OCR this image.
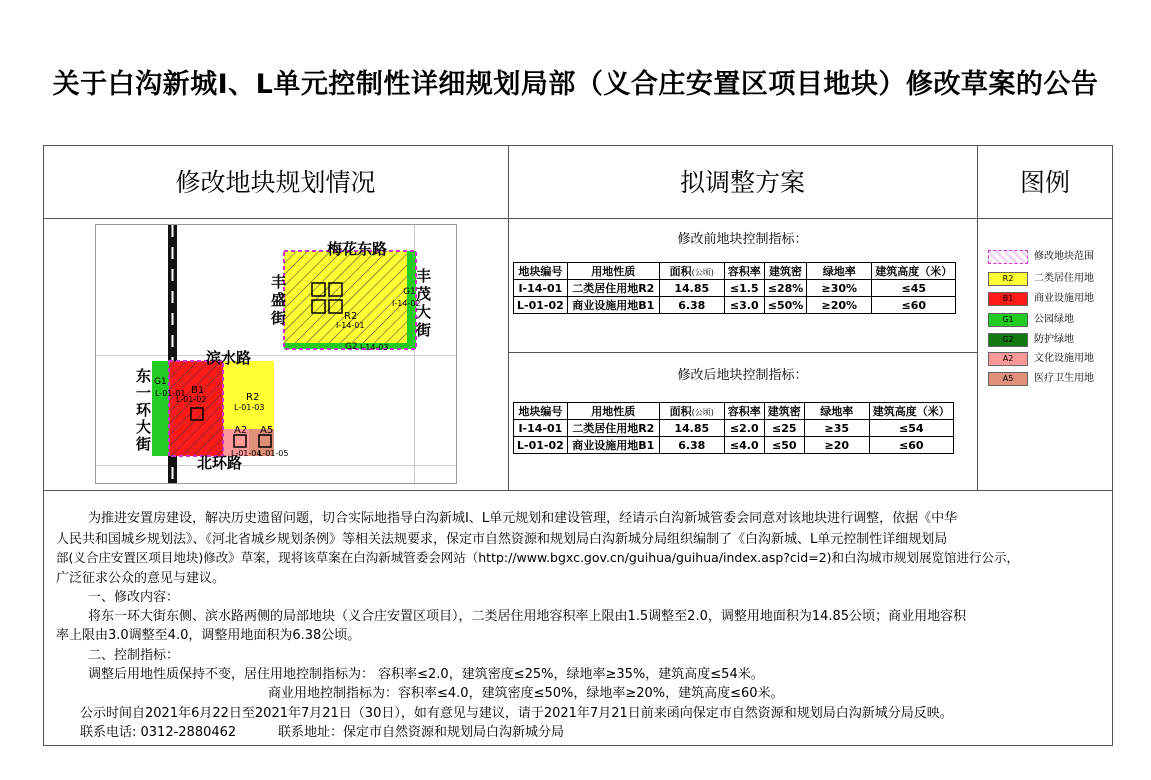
关于白沟新城I、L单元控制性详细规划局部（义合庄安置区项目地块）修改草案的公告
修改地块规划情况	拟调整方案	图例
梅花东路
丰盛街
丰茂大街
滨水路
东一环大街
北环路
R2
I-14-01
G1
I-14-02
G2 I-14-03
G1
L-01-01 B1
L-01-02	R2
L-01-03
A2
L-01-04
A5
L-01-05
修改前地块控制指标：
地块编号	用地性质	面积(公顷)	容积率	建筑密	绿地率	建筑高度（米）
I-14-01	二类居住用地R2	14.85	≤1.5	≤28%	≥30%	≤45
L-01-02	商业设施用地B1	6.38	≤3.0	≤50%	≥20%	≤60
修改后地块控制指标：
地块编号	用地性质	面积(公顷)	容积率	建筑密	绿地率	建筑高度（米）
I-14-01	二类居住用地R2	14.85	≤2.0	≤25	≥35	≤54
L-01-02	商业设施用地B1	6.38	≤4.0	≤50	≥20	≤60
修改地块范围
R2	二类居住用地
B1	商业设施用地
G1	公园绿地
G2	防护绿地
A2	文化设施用地
A5	医疗卫生用地
为推进安置房建设，解决历史遗留问题，切合实际地指导白沟新城I、L单元规划和建设管理，经请示白沟新城管委会同意对该地块进行调整，依据《中华
人民共和国城乡规划法》、《河北省城乡规划条例》等相关法规要求，保定市自然资源和规划局白沟新城分局组织编制了《白沟新城、L单元控制性详细规划局
部(义合庄安置区项目地块)修改》草案，现将该草案在白沟新城管委会网站（http://www.bgxc.gov.cn/guihua/guihua/index.asp?cid=2)和白沟城市规划展览馆进行公示，
广泛征求公众的意见与建议。
一、修改内容：
将东一环大街东侧、滨水路两侧的局部地块（义合庄安置区项目），二类居住用地容积率上限由1.5调整至2.0，调整用地面积为14.85公顷；商业用地容积
率上限由3.0调整至4.0，调整用地面积为6.38公顷。
二、控制指标：
调整后用地性质保持不变，居住用地控制指标为： 容积率≤2.0，建筑密度≤25%，绿地率≥35%，建筑高度≤54米。
商业用地控制指标为：容积率≤4.0，建筑密度≤50%，绿地率≥20%，建筑高度≤60米。
公示时间自2021年6月22日至2021年7月21日（30日），如有意见与建议，请于2021年7月21日前来函向保定市自然资源和规划局白沟新城分局反映。
联系电话: 0312-2880462	联系地址：保定市自然资源和规划局白沟新城分局
